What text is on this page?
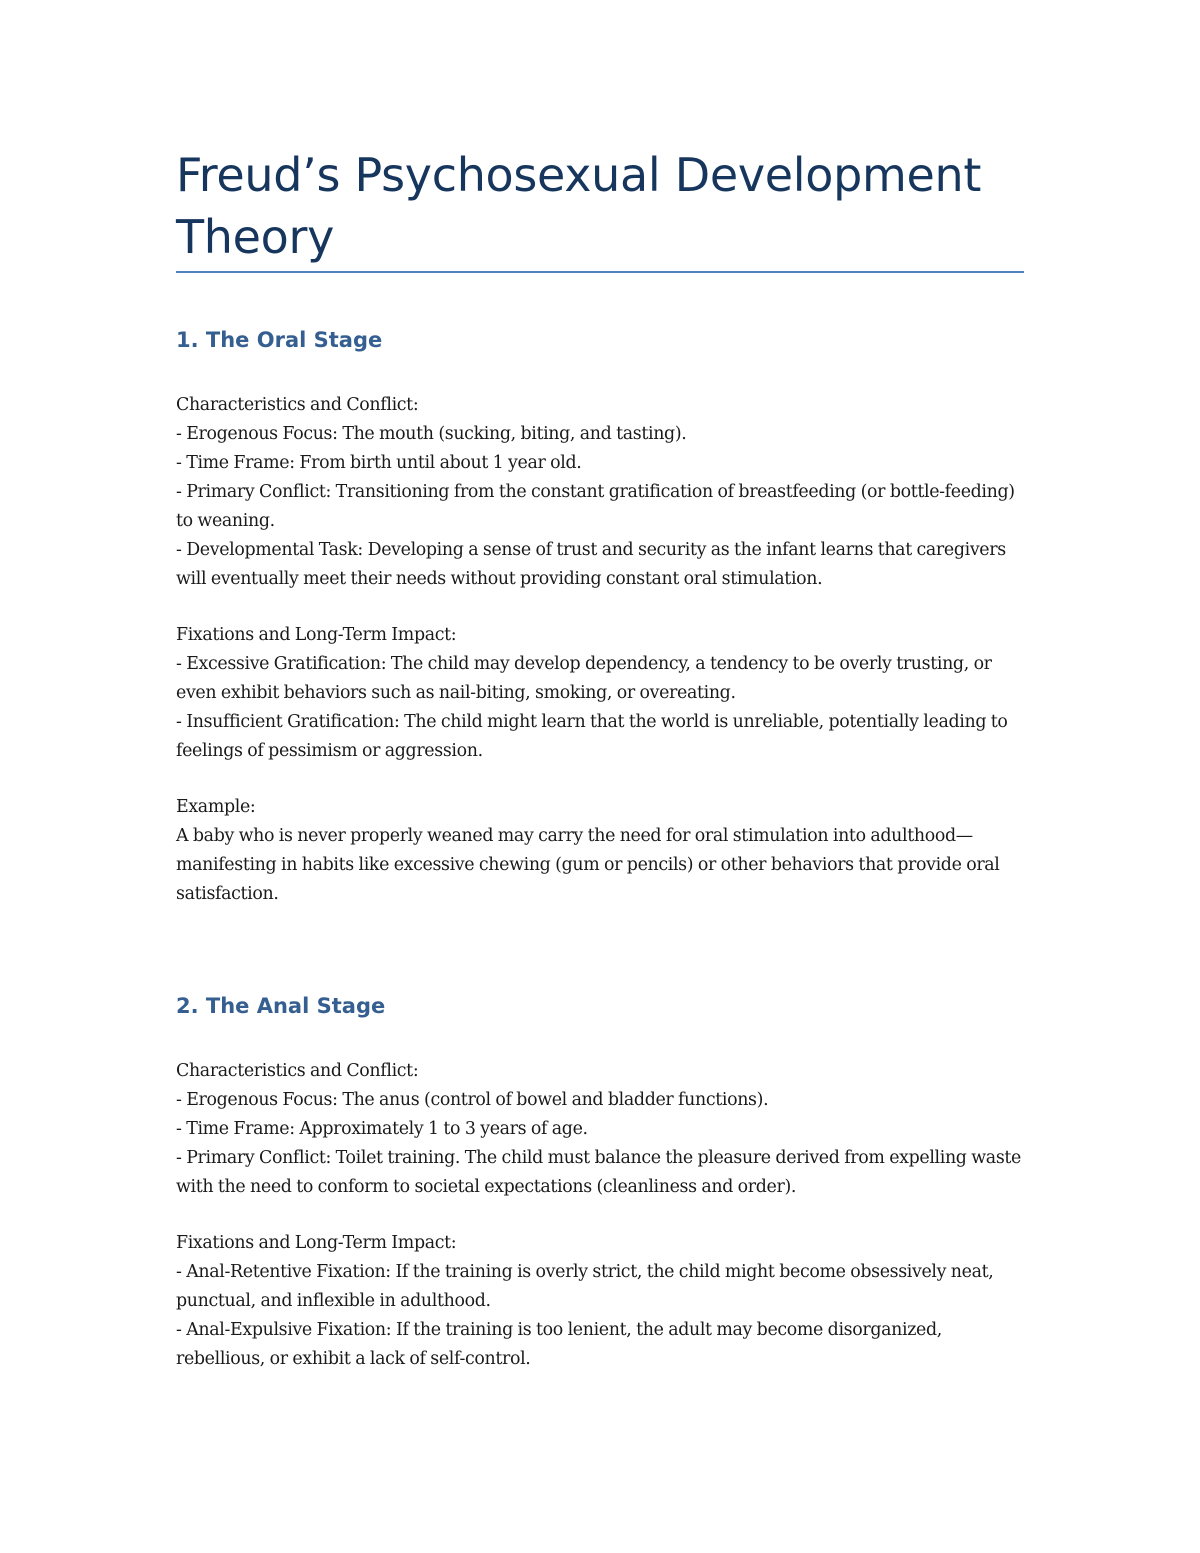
Freud’s Psychosexual Development Theory
1. The Oral Stage

Characteristics and Conflict:

- Erogenous Focus: The mouth (sucking, biting, and tasting).

- Time Frame: From birth until about 1 year old.

- Primary Conflict: Transitioning from the constant gratification of breastfeeding (or bottle-feeding) to weaning.

- Developmental Task: Developing a sense of trust and security as the infant learns that caregivers will eventually meet their needs without providing constant oral stimulation.

Fixations and Long-Term Impact:

- Excessive Gratification: The child may develop dependency, a tendency to be overly trusting, or even exhibit behaviors such as nail-biting, smoking, or overeating.

- Insufficient Gratification: The child might learn that the world is unreliable, potentially leading to feelings of pessimism or aggression.

Example:

A baby who is never properly weaned may carry the need for oral stimulation into adulthood—manifesting in habits like excessive chewing (gum or pencils) or other behaviors that provide oral satisfaction.

2. The Anal Stage

Characteristics and Conflict:

- Erogenous Focus: The anus (control of bowel and bladder functions).

- Time Frame: Approximately 1 to 3 years of age.

- Primary Conflict: Toilet training. The child must balance the pleasure derived from expelling waste with the need to conform to societal expectations (cleanliness and order).

Fixations and Long-Term Impact:

- Anal-Retentive Fixation: If the training is overly strict, the child might become obsessively neat, punctual, and inflexible in adulthood.

- Anal-Expulsive Fixation: If the training is too lenient, the adult may become disorganized, rebellious, or exhibit a lack of self-control.
